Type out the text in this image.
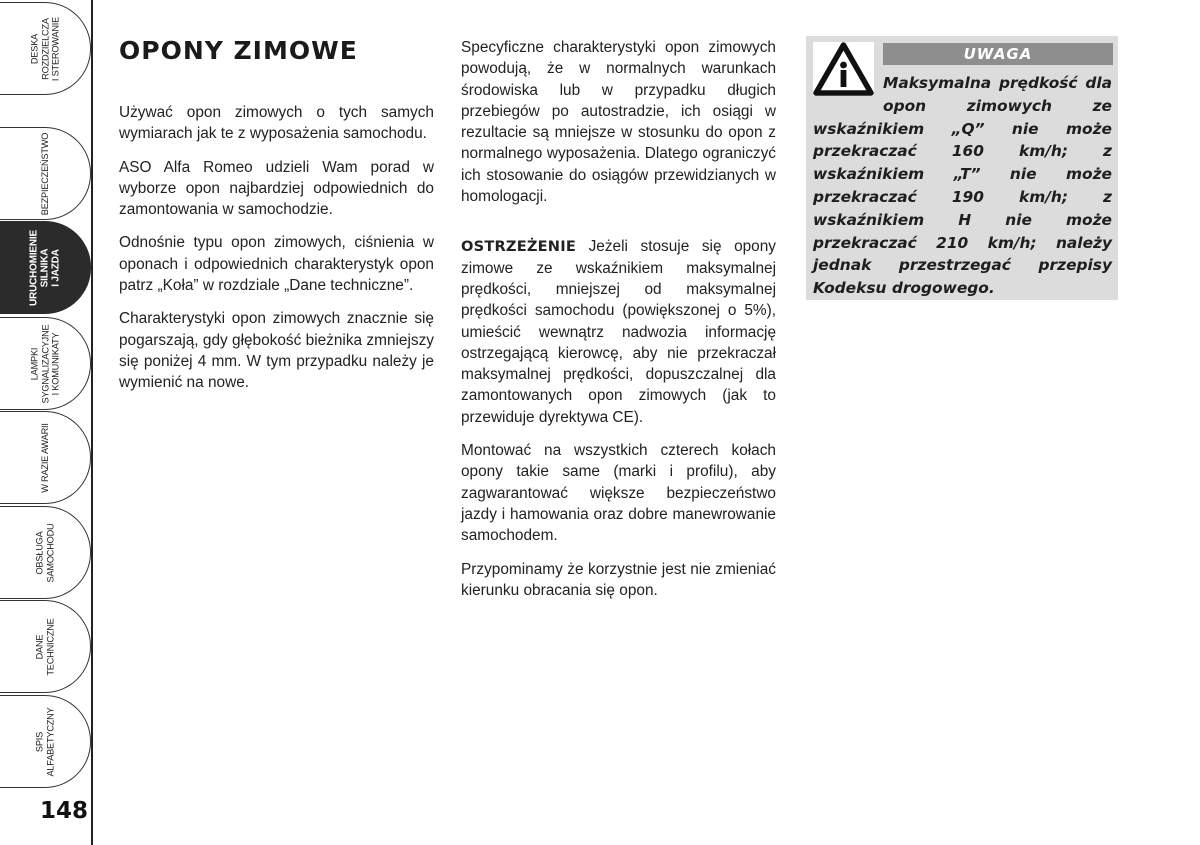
DESKA
ROZDZIELCZA
I STEROWANIE
BEZPIECZEŃSTWO
URUCHOMIENIE
SILNIKA
I JAZDA
LAMPKI
SYGNALIZACYJNE
I KOMUNIKATY
W RAZIE AWARII
OBSŁUGA
SAMOCHODU
DANE
TECHNICZNE
SPIS
ALFABETYCZNY
148
OPONY ZIMOWE

Używać opon zimowych o tych samych wymiarach jak te z wyposażenia samochodu.

ASO Alfa Romeo udzieli Wam porad w wyborze opon najbardziej odpowiednich do zamontowania w samochodzie.

Odnośnie typu opon zimowych, ciśnienia w oponach i odpowiednich charakterystyk opon patrz „Koła” w rozdziale „Dane techniczne”.

Charakterystyki opon zimowych znacznie się pogarszają, gdy głębokość bieżnika zmniejszy się poniżej 4 mm. W tym przypadku należy je wymienić na nowe.

Specyficzne charakterystyki opon zimowych powodują, że w normalnych warunkach środowiska lub w przypadku długich przebiegów po autostradzie, ich osiągi w rezultacie są mniejsze w stosunku do opon z normalnego wyposażenia. Dlatego ograniczyć ich stosowanie do osiągów przewidzianych w homologacji.

OSTRZEŻENIE Jeżeli stosuje się opony zimowe ze wskaźnikiem maksymalnej prędkości, mniejszej od maksymalnej prędkości samochodu (powiększonej o 5%), umieścić wewnątrz nadwozia informację ostrzegającą kierowcę, aby nie przekraczał maksymalnej prędkości, dopuszczalnej dla zamontowanych opon zimowych (jak to przewiduje dyrektywa CE).

Montować na wszystkich czterech kołach opony takie same (marki i profilu), aby zagwarantować większe bezpieczeństwo jazdy i hamowania oraz dobre manewrowanie samochodem.

Przypominamy że korzystnie jest nie zmieniać kierunku obracania się opon.

UWAGA
Maksymalna prędkość dla opon zimowych ze wskaźnikiem „Q” nie może przekraczać 160 km/h; z wskaźnikiem „T” nie może przekraczać 190 km/h; z wskaźnikiem H nie może przekraczać 210 km/h; należy jednak przestrzegać przepisy Kodeksu drogowego.
